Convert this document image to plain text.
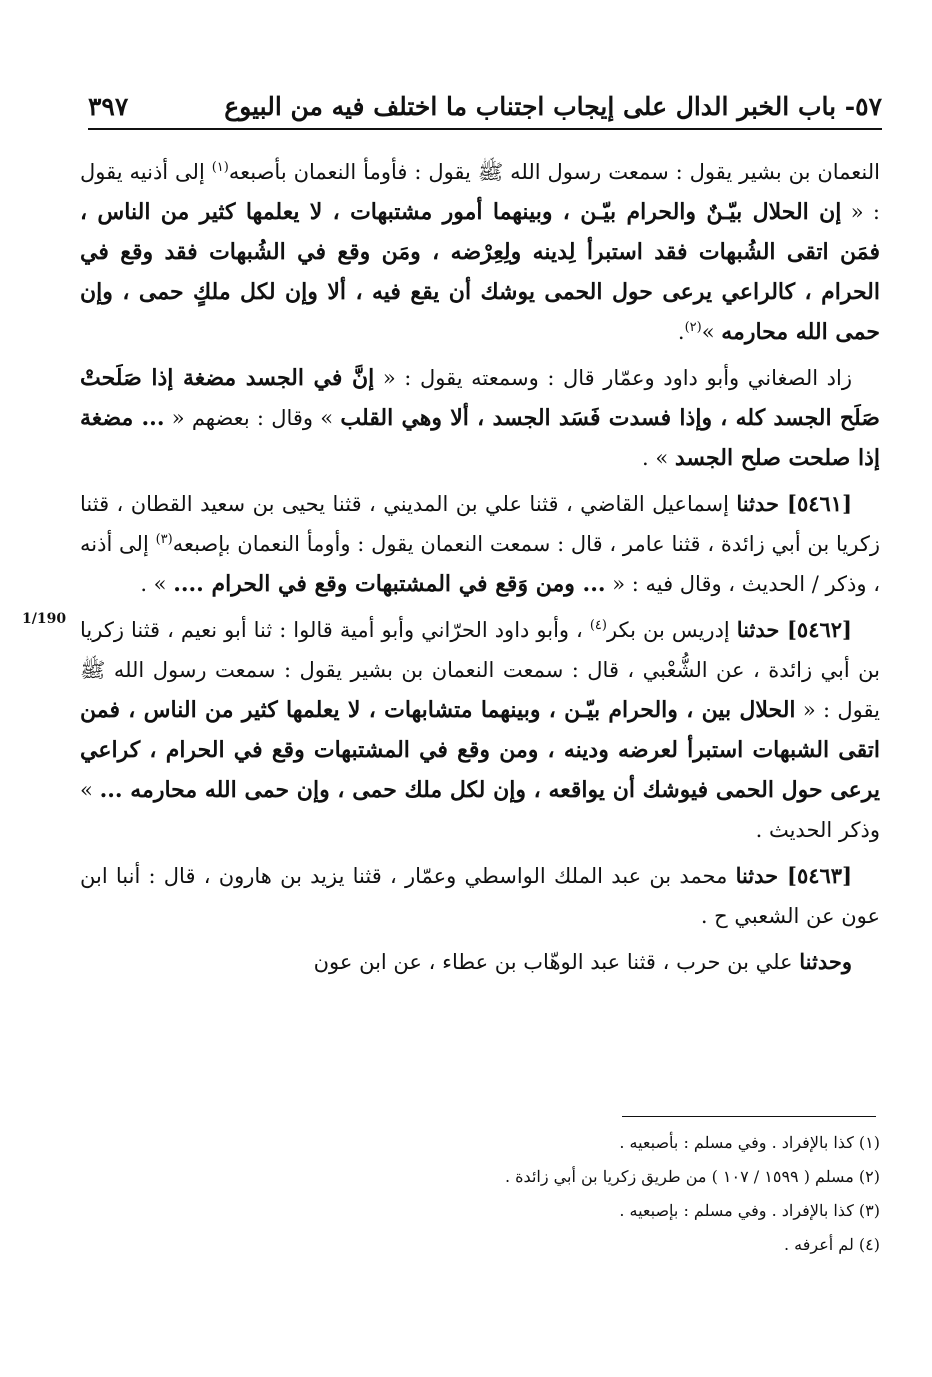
٥٧- باب الخبر الدال على إيجاب اجتناب ما اختلف فيه من البيوع
٣٩٧

النعمان بن بشير يقول : سمعت رسول الله ﷺ يقول : فأومأ النعمان بأصبعه$^{(١)}$ إلى أذنيه يقول : « إن الحلال بيّـنٌ والحرام بيّـن ، وبينهما أمور مشتبهات ، لا يعلمها كثير من الناس ، فمَن اتقى الشُبهات فقد استبرأ لِدينه ولِعِرْضه ، ومَن وقع في الشُبهات فقد وقع في الحرام ، كالراعي يرعى حول الحمى يوشك أن يقع فيه ، ألا وإن لكل ملكٍ حمى ، وإن حمى الله محارمه »$^{(٢)}$.

زاد الصغاني وأبو داود وعمّار قال : وسمعته يقول : « إنَّ في الجسد مضغة إذا صَلَحتْ صَلَح الجسد كله ، وإذا فسدت فَسَد الجسد ، ألا وهي القلب » وقال : بعضهم « ... مضغة إذا صلحت صلح الجسد » .

[٥٤٦١] حدثنا إسماعيل القاضي ، قثنا علي بن المديني ، قثنا يحيى بن سعيد القطان ، قثنا زكريا بن أبي زائدة ، قثنا عامر ، قال : سمعت النعمان يقول : وأومأ النعمان بإصبعه$^{(٣)}$ إلى أذنه ، وذكر / الحديث ، وقال فيه : « ... ومن وَقع في المشتبهات وقع في الحرام .... » .

[٥٤٦٢] حدثنا إدريس بن بكر$^{(٤)}$ ، وأبو داود الحرّاني وأبو أمية قالوا : ثنا أبو نعيم ، قثنا زكريا بن أبي زائدة ، عن الشُّعْبي ، قال : سمعت النعمان بن بشير يقول : سمعت رسول الله ﷺ يقول : « الحلال بين ، والحرام بيّـن ، وبينهما متشابهات ، لا يعلمها كثير من الناس ، فمن اتقى الشبهات استبرأ لعرضه ودينه ، ومن وقع في المشتبهات وقع في الحرام ، كراعي يرعى حول الحمى فيوشك أن يواقعه ، وإن لكل ملك حمى ، وإن حمى الله محارمه ... » وذكر الحديث .

[٥٤٦٣] حدثنا محمد بن عبد الملك الواسطي وعمّار ، قثنا يزيد بن هارون ، قال : أنبا ابن عون عن الشعبي ح .

وحدثنا علي بن حرب ، قثنا عبد الوهّاب بن عطاء ، عن ابن عون

1/190
(١) كذا بالإفراد . وفي مسلم : بأصبعيه .
(٢) مسلم ( ١٥٩٩ / ١٠٧ ) من طريق زكريا بن أبي زائدة .
(٣) كذا بالإفراد . وفي مسلم : بإصبعيه .
(٤) لم أعرفه .
